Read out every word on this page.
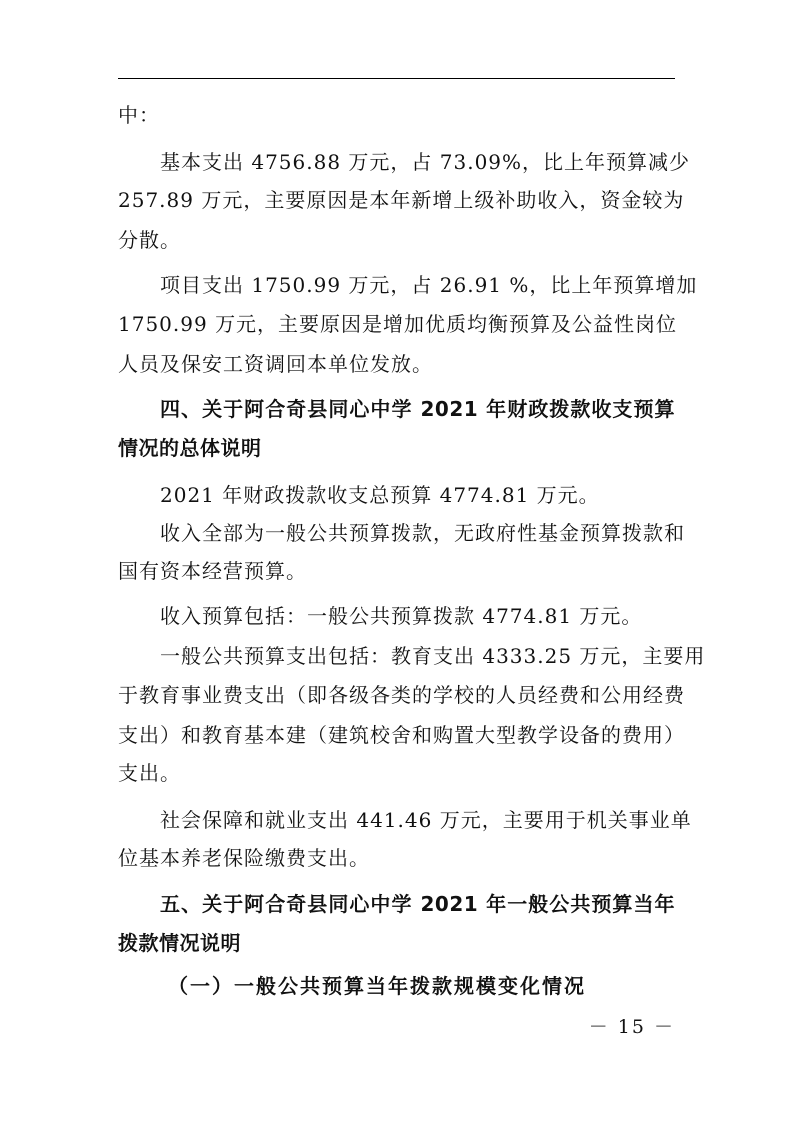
中：
基本支出 4756.88 万元，占 73.09%，比上年预算减少
257.89 万元，主要原因是本年新增上级补助收入，资金较为
分散。
项目支出 1750.99 万元，占 26.91 %，比上年预算增加
1750.99 万元，主要原因是增加优质均衡预算及公益性岗位
人员及保安工资调回本单位发放。
四、关于阿合奇县同心中学 2021 年财政拨款收支预算
情况的总体说明
2021 年财政拨款收支总预算 4774.81 万元。
收入全部为一般公共预算拨款，无政府性基金预算拨款和
国有资本经营预算。
收入预算包括：一般公共预算拨款 4774.81 万元。
一般公共预算支出包括：教育支出 4333.25 万元，主要用
于教育事业费支出（即各级各类的学校的人员经费和公用经费
支出）和教育基本建（建筑校舍和购置大型教学设备的费用）
支出。
社会保障和就业支出 441.46 万元，主要用于机关事业单
位基本养老保险缴费支出。
五、关于阿合奇县同心中学 2021 年一般公共预算当年
拨款情况说明
（一）一般公共预算当年拨款规模变化情况
－ 15 －
